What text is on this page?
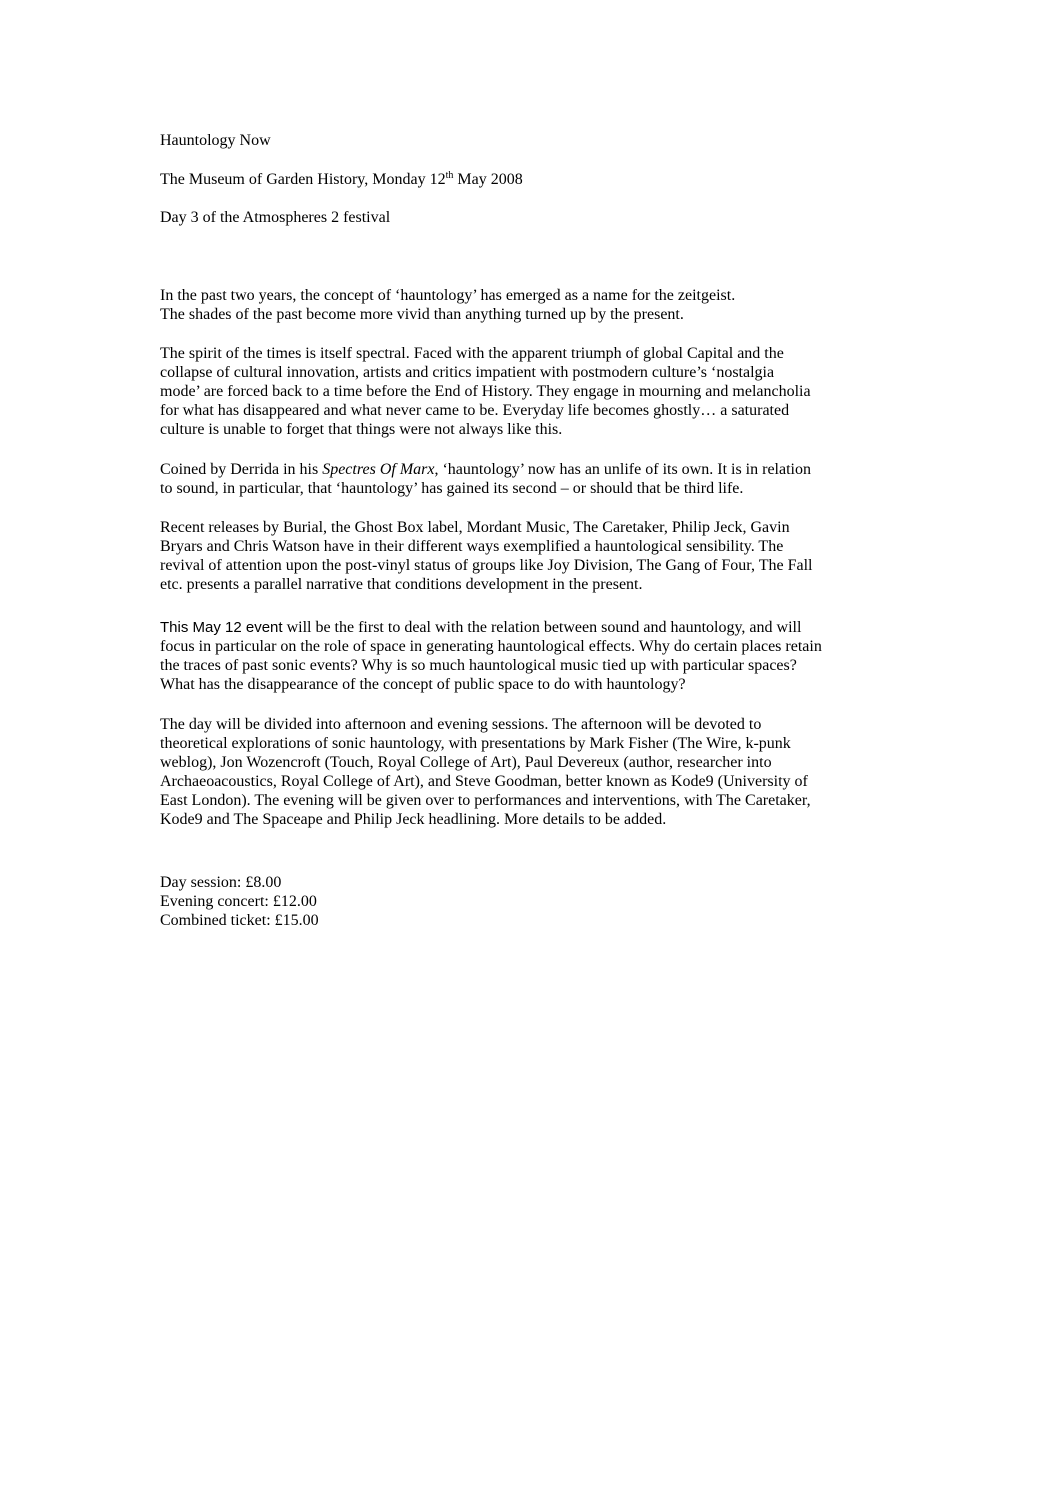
Hauntology Now
The Museum of Garden History, Monday 12th May 2008
Day 3 of the Atmospheres 2 festival
In the past two years, the concept of ‘hauntology’ has emerged as a name for the zeitgeist.
The shades of the past become more vivid than anything turned up by the present.
The spirit of the times is itself spectral. Faced with the apparent triumph of global Capital and the
collapse of cultural innovation, artists and critics impatient with postmodern culture’s ‘nostalgia
mode’ are forced back to a time before the End of History. They engage in mourning and melancholia
for what has disappeared and what never came to be. Everyday life becomes ghostly… a saturated
culture is unable to forget that things were not always like this.
Coined by Derrida in his Spectres Of Marx, ‘hauntology’ now has an unlife of its own. It is in relation
to sound, in particular, that ‘hauntology’ has gained its second – or should that be third life.
Recent releases by Burial, the Ghost Box label, Mordant Music, The Caretaker, Philip Jeck, Gavin
Bryars and Chris Watson have in their different ways exemplified a hauntological sensibility. The
revival of attention upon the post-vinyl status of groups like Joy Division, The Gang of Four, The Fall
etc. presents a parallel narrative that conditions development in the present.
This May 12 event will be the first to deal with the relation between sound and hauntology, and will
focus in particular on the role of space in generating hauntological effects. Why do certain places retain
the traces of past sonic events? Why is so much hauntological music tied up with particular spaces?
What has the disappearance of the concept of public space to do with hauntology?
The day will be divided into afternoon and evening sessions. The afternoon will be devoted to
theoretical explorations of sonic hauntology, with presentations by Mark Fisher (The Wire, k-punk
weblog), Jon Wozencroft (Touch, Royal College of Art), Paul Devereux (author, researcher into
Archaeoacoustics, Royal College of Art), and Steve Goodman, better known as Kode9 (University of
East London). The evening will be given over to performances and interventions, with The Caretaker,
Kode9 and The Spaceape and Philip Jeck headlining. More details to be added.
Day session: £8.00
Evening concert: £12.00
Combined ticket: £15.00
